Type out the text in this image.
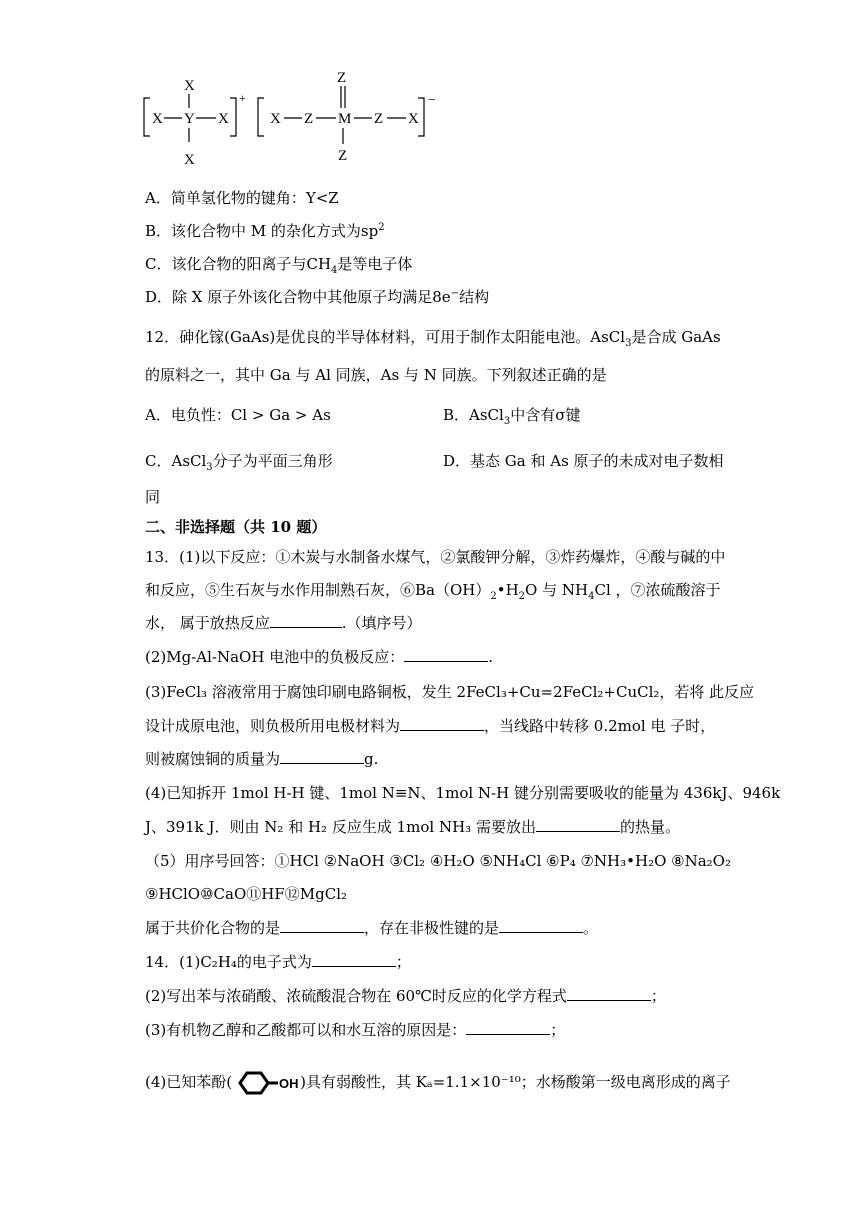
X
X Y X
X
+
X Z
Z
M Z X
Z
−
A．简单氢化物的键角：Y<Z
B．该化合物中 M 的杂化方式为$sp^2$
C．该化合物的阳离子与$CH_4$是等电子体
D．除 X 原子外该化合物中其他原子均满足8e−结构
12．砷化镓(GaAs)是优良的半导体材料，可用于制作太阳能电池。AsCl$_3$是合成 GaAs
的原料之一，其中 Ga 与 Al 同族，As 与 N 同族。下列叙述正确的是
A．电负性：Cl > Ga > As	B．AsCl$_3$中含有σ键
C．AsCl$_3$分子为平面三角形	D．基态 Ga 和 As 原子的未成对电子数相
同
二、非选择题（共 10 题）
13．(1)以下反应：①木炭与水制备水煤气，②氯酸钾分解，③炸药爆炸，④酸与碱的中
和反应，⑤生石灰与水作用制熟石灰，$⑥Ba(OH)_2•H_2O$ 与 $NH_4Cl$ ，⑦浓硫酸溶于
水， 属于放热反应	.（填序号）
(2)Mg-Al-NaOH 电池中的负极反应：	.
(3)FeCl₃ 溶液常用于腐蚀印刷电路铜板，发生 2FeCl₃+Cu=2FeCl₂+CuCl₂，若将 此反应
设计成原电池，则负极所用电极材料为	，当线路中转移 0.2mol 电 子时，
则被腐蚀铜的质量为	g.
(4)已知拆开 1mol H-H 键、1mol N≡N、1mol N-H 键分别需要吸收的能量为 436kJ、946k
J、391k J．则由 N₂ 和 H₂ 反应生成 1mol NH₃ 需要放出	的热量。
（5）用序号回答：①HCl ②NaOH ③Cl₂ ④H₂O ⑤NH₄Cl ⑥P₄ ⑦NH₃•H₂O ⑧Na₂O₂
⑨HClO⑩CaO⑪HF⑫MgCl₂
属于共价化合物的是	，存在非极性键的是	。
14．(1)C₂H₄的电子式为	；
(2)写出苯与浓硝酸、浓硫酸混合物在 60℃时反应的化学方程式	；
(3)有机物乙醇和乙酸都可以和水互溶的原因是：	；
(4)已知苯酚(	OH )具有弱酸性，其 Kₐ=1.1×10⁻¹⁰；水杨酸第一级电离形成的离子
